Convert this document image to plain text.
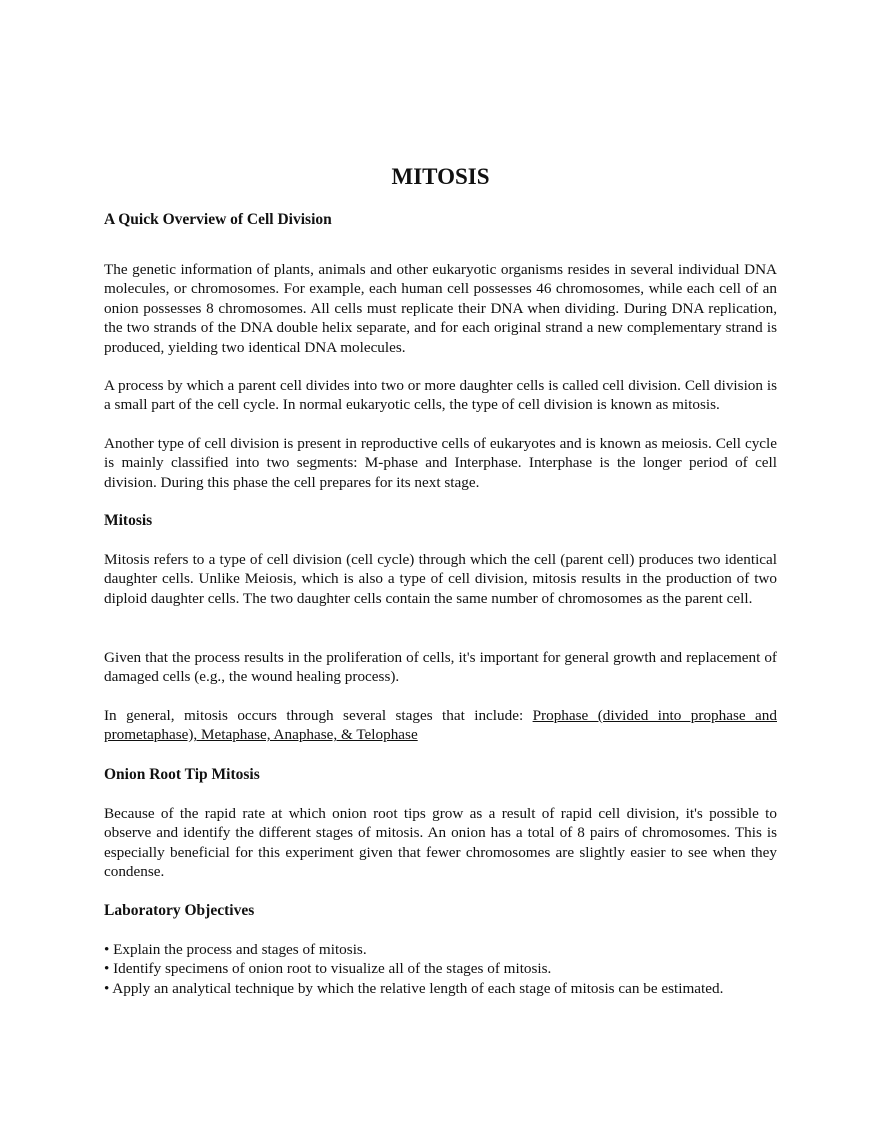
MITOSIS
A Quick Overview of Cell Division
The genetic information of plants, animals and other eukaryotic organisms resides in several individual DNA molecules, or chromosomes. For example, each human cell possesses 46 chromosomes, while each cell of an onion possesses 8 chromosomes. All cells must replicate their DNA when dividing. During DNA replication, the two strands of the DNA double helix separate, and for each original strand a new complementary strand is produced, yielding two identical DNA molecules.
A process by which a parent cell divides into two or more daughter cells is called cell division. Cell division is a small part of the cell cycle. In normal eukaryotic cells, the type of cell division is known as mitosis.
Another type of cell division is present in reproductive cells of eukaryotes and is known as meiosis. Cell cycle is mainly classified into two segments: M-phase and Interphase. Interphase is the longer period of cell division. During this phase the cell prepares for its next stage.
Mitosis
Mitosis refers to a type of cell division (cell cycle) through which the cell (parent cell) produces two identical daughter cells. Unlike Meiosis, which is also a type of cell division, mitosis results in the production of two diploid daughter cells. The two daughter cells contain the same number of chromosomes as the parent cell.
Given that the process results in the proliferation of cells, it's important for general growth and replacement of damaged cells (e.g., the wound healing process).
In general, mitosis occurs through several stages that include: Prophase (divided into prophase and prometaphase), Metaphase, Anaphase, & Telophase
Onion Root Tip Mitosis
Because of the rapid rate at which onion root tips grow as a result of rapid cell division, it's possible to observe and identify the different stages of mitosis. An onion has a total of 8 pairs of chromosomes. This is especially beneficial for this experiment given that fewer chromosomes are slightly easier to see when they condense.
Laboratory Objectives
• Explain the process and stages of mitosis.
• Identify specimens of onion root to visualize all of the stages of mitosis.
• Apply an analytical technique by which the relative length of each stage of mitosis can be estimated.
